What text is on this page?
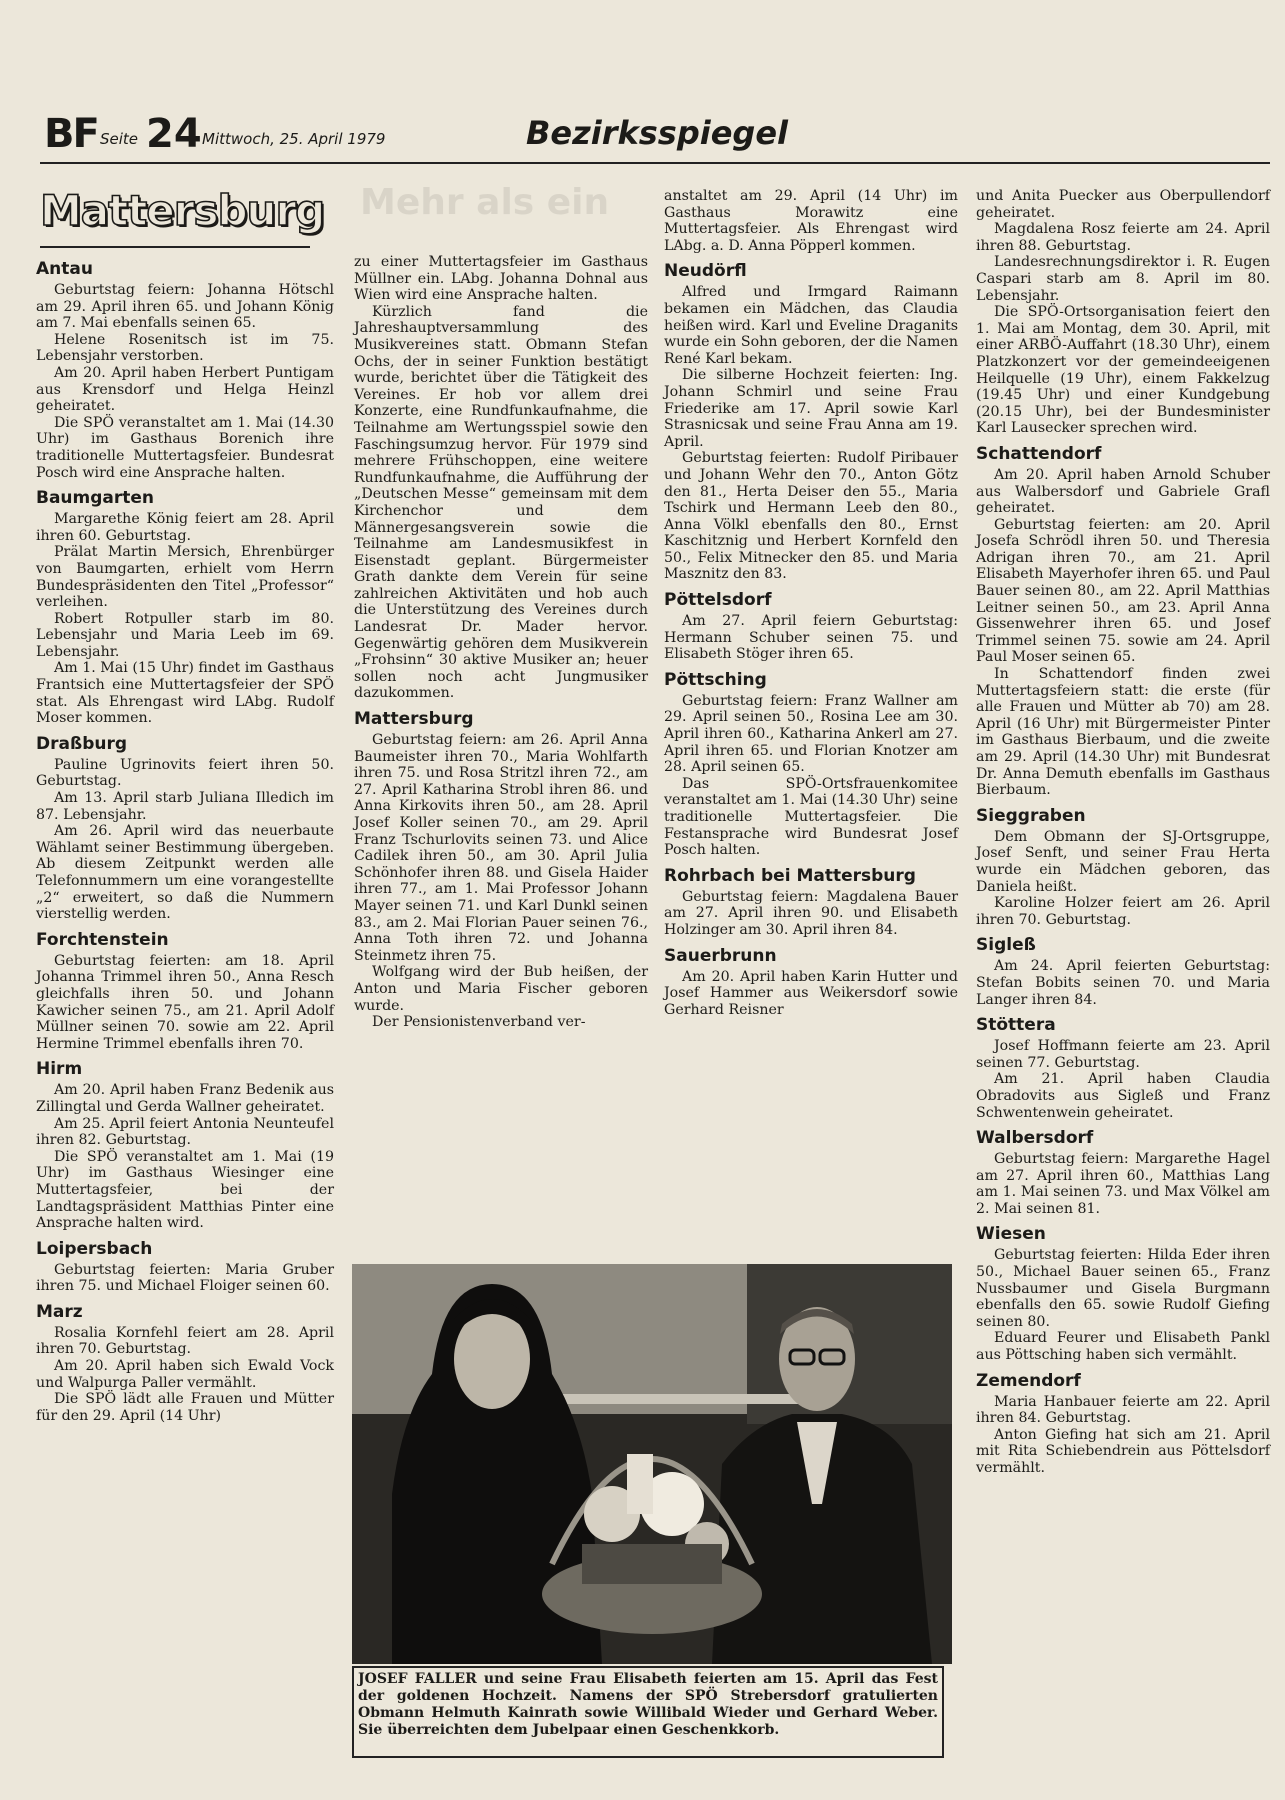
BF Seite 24 Mittwoch, 25. April 1979	Bezirksspiegel
Mattersburg Mehr als ein
Antau

Geburtstag feiern: Johanna Hötschl am 29. April ihren 65. und Johann König am 7. Mai ebenfalls seinen 65.

Helene Rosenitsch ist im 75. Lebensjahr verstorben.

Am 20. April haben Herbert Puntigam aus Krensdorf und Helga Heinzl geheiratet.

Die SPÖ veranstaltet am 1. Mai (14.30 Uhr) im Gasthaus Borenich ihre traditionelle Muttertagsfeier. Bundesrat Posch wird eine Ansprache halten.

Baumgarten

Margarethe König feiert am 28. April ihren 60. Geburtstag.

Prälat Martin Mersich, Ehrenbürger von Baumgarten, erhielt vom Herrn Bundespräsidenten den Titel „Professor“ verleihen.

Robert Rotpuller starb im 80. Lebensjahr und Maria Leeb im 69. Lebensjahr.

Am 1. Mai (15 Uhr) findet im Gasthaus Frantsich eine Muttertagsfeier der SPÖ stat. Als Ehrengast wird LAbg. Rudolf Moser kommen.

Draßburg

Pauline Ugrinovits feiert ihren 50. Geburtstag.

Am 13. April starb Juliana Illedich im 87. Lebensjahr.

Am 26. April wird das neuerbaute Wählamt seiner Bestimmung übergeben. Ab diesem Zeitpunkt werden alle Telefonnummern um eine vorangestellte „2“ erweitert, so daß die Nummern vierstellig werden.

Forchtenstein

Geburtstag feierten: am 18. April Johanna Trimmel ihren 50., Anna Resch gleichfalls ihren 50. und Johann Kawicher seinen 75., am 21. April Adolf Müllner seinen 70. sowie am 22. April Hermine Trimmel ebenfalls ihren 70.

Hirm

Am 20. April haben Franz Bedenik aus Zillingtal und Gerda Wallner geheiratet.

Am 25. April feiert Antonia Neunteufel ihren 82. Geburtstag.

Die SPÖ veranstaltet am 1. Mai (19 Uhr) im Gasthaus Wiesinger eine Muttertagsfeier, bei der Landtagspräsident Matthias Pinter eine Ansprache halten wird.

Loipersbach

Geburtstag feierten: Maria Gruber ihren 75. und Michael Floiger seinen 60.

Marz

Rosalia Kornfehl feiert am 28. April ihren 70. Geburtstag.

Am 20. April haben sich Ewald Vock und Walpurga Paller vermählt.

Die SPÖ lädt alle Frauen und Mütter für den 29. April (14 Uhr)

zu einer Muttertagsfeier im Gasthaus Müllner ein. LAbg. Johanna Dohnal aus Wien wird eine Ansprache halten.

Kürzlich fand die Jahreshauptversammlung des Musikvereines statt. Obmann Stefan Ochs, der in seiner Funktion bestätigt wurde, berichtet über die Tätigkeit des Vereines. Er hob vor allem drei Konzerte, eine Rundfunkaufnahme, die Teilnahme am Wertungsspiel sowie den Faschingsumzug hervor. Für 1979 sind mehrere Frühschoppen, eine weitere Rundfunkaufnahme, die Aufführung der „Deutschen Messe“ gemeinsam mit dem Kirchenchor und dem Männergesangsverein sowie die Teilnahme am Landesmusikfest in Eisenstadt geplant. Bürgermeister Grath dankte dem Verein für seine zahlreichen Aktivitäten und hob auch die Unterstützung des Vereines durch Landesrat Dr. Mader hervor. Gegenwärtig gehören dem Musikverein „Frohsinn“ 30 aktive Musiker an; heuer sollen noch acht Jungmusiker dazukommen.

Mattersburg

Geburtstag feiern: am 26. April Anna Baumeister ihren 70., Maria Wohlfarth ihren 75. und Rosa Stritzl ihren 72., am 27. April Katharina Strobl ihren 86. und Anna Kirkovits ihren 50., am 28. April Josef Koller seinen 70., am 29. April Franz Tschurlovits seinen 73. und Alice Cadilek ihren 50., am 30. April Julia Schönhofer ihren 88. und Gisela Haider ihren 77., am 1. Mai Professor Johann Mayer seinen 71. und Karl Dunkl seinen 83., am 2. Mai Florian Pauer seinen 76., Anna Toth ihren 72. und Johanna Steinmetz ihren 75.

Wolfgang wird der Bub heißen, der Anton und Maria Fischer geboren wurde.

Der Pensionistenverband ver-

anstaltet am 29. April (14 Uhr) im Gasthaus Morawitz eine Muttertagsfeier. Als Ehrengast wird LAbg. a. D. Anna Pöpperl kommen.

Neudörfl

Alfred und Irmgard Raimann bekamen ein Mädchen, das Claudia heißen wird. Karl und Eveline Draganits wurde ein Sohn geboren, der die Namen René Karl bekam.

Die silberne Hochzeit feierten: Ing. Johann Schmirl und seine Frau Friederike am 17. April sowie Karl Strasnicsak und seine Frau Anna am 19. April.

Geburtstag feierten: Rudolf Piribauer und Johann Wehr den 70., Anton Götz den 81., Herta Deiser den 55., Maria Tschirk und Hermann Leeb den 80., Anna Völkl ebenfalls den 80., Ernst Kaschitznig und Herbert Kornfeld den 50., Felix Mitnecker den 85. und Maria Masznitz den 83.

Pöttelsdorf

Am 27. April feiern Geburtstag: Hermann Schuber seinen 75. und Elisabeth Stöger ihren 65.

Pöttsching

Geburtstag feiern: Franz Wallner am 29. April seinen 50., Rosina Lee am 30. April ihren 60., Katharina Ankerl am 27. April ihren 65. und Florian Knotzer am 28. April seinen 65.

Das SPÖ-Ortsfrauenkomitee veranstaltet am 1. Mai (14.30 Uhr) seine traditionelle Muttertagsfeier. Die Festansprache wird Bundesrat Josef Posch halten.

Rohrbach bei Mattersburg

Geburtstag feiern: Magdalena Bauer am 27. April ihren 90. und Elisabeth Holzinger am 30. April ihren 84.

Sauerbrunn

Am 20. April haben Karin Hutter und Josef Hammer aus Weikersdorf sowie Gerhard Reisner

und Anita Puecker aus Oberpullendorf geheiratet.

Magdalena Rosz feierte am 24. April ihren 88. Geburtstag.

Landesrechnungsdirektor i. R. Eugen Caspari starb am 8. April im 80. Lebensjahr.

Die SPÖ-Ortsorganisation feiert den 1. Mai am Montag, dem 30. April, mit einer ARBÖ-Auffahrt (18.30 Uhr), einem Platzkonzert vor der gemeindeeigenen Heilquelle (19 Uhr), einem Fakkelzug (19.45 Uhr) und einer Kundgebung (20.15 Uhr), bei der Bundesminister Karl Lausecker sprechen wird.

Schattendorf

Am 20. April haben Arnold Schuber aus Walbersdorf und Gabriele Grafl geheiratet.

Geburtstag feierten: am 20. April Josefa Schrödl ihren 50. und Theresia Adrigan ihren 70., am 21. April Elisabeth Mayerhofer ihren 65. und Paul Bauer seinen 80., am 22. April Matthias Leitner seinen 50., am 23. April Anna Gissenwehrer ihren 65. und Josef Trimmel seinen 75. sowie am 24. April Paul Moser seinen 65.

In Schattendorf finden zwei Muttertagsfeiern statt: die erste (für alle Frauen und Mütter ab 70) am 28. April (16 Uhr) mit Bürgermeister Pinter im Gasthaus Bierbaum, und die zweite am 29. April (14.30 Uhr) mit Bundesrat Dr. Anna Demuth ebenfalls im Gasthaus Bierbaum.

Sieggraben

Dem Obmann der SJ-Ortsgruppe, Josef Senft, und seiner Frau Herta wurde ein Mädchen geboren, das Daniela heißt.

Karoline Holzer feiert am 26. April ihren 70. Geburtstag.

Sigleß

Am 24. April feierten Geburtstag: Stefan Bobits seinen 70. und Maria Langer ihren 84.

Stöttera

Josef Hoffmann feierte am 23. April seinen 77. Geburtstag.

Am 21. April haben Claudia Obradovits aus Sigleß und Franz Schwentenwein geheiratet.

Walbersdorf

Geburtstag feiern: Margarethe Hagel am 27. April ihren 60., Matthias Lang am 1. Mai seinen 73. und Max Völkel am 2. Mai seinen 81.

Wiesen

Geburtstag feierten: Hilda Eder ihren 50., Michael Bauer seinen 65., Franz Nussbaumer und Gisela Burgmann ebenfalls den 65. sowie Rudolf Giefing seinen 80.

Eduard Feurer und Elisabeth Pankl aus Pöttsching haben sich vermählt.

Zemendorf

Maria Hanbauer feierte am 22. April ihren 84. Geburtstag.

Anton Giefing hat sich am 21. April mit Rita Schiebendrein aus Pöttelsdorf vermählt.

JOSEF FALLER und seine Frau Elisabeth feierten am 15. April das Fest der goldenen Hochzeit. Namens der SPÖ Strebersdorf gratulierten Obmann Helmuth Kainrath sowie Willibald Wieder und Gerhard Weber. Sie überreichten dem Jubelpaar einen Geschenkkorb.
